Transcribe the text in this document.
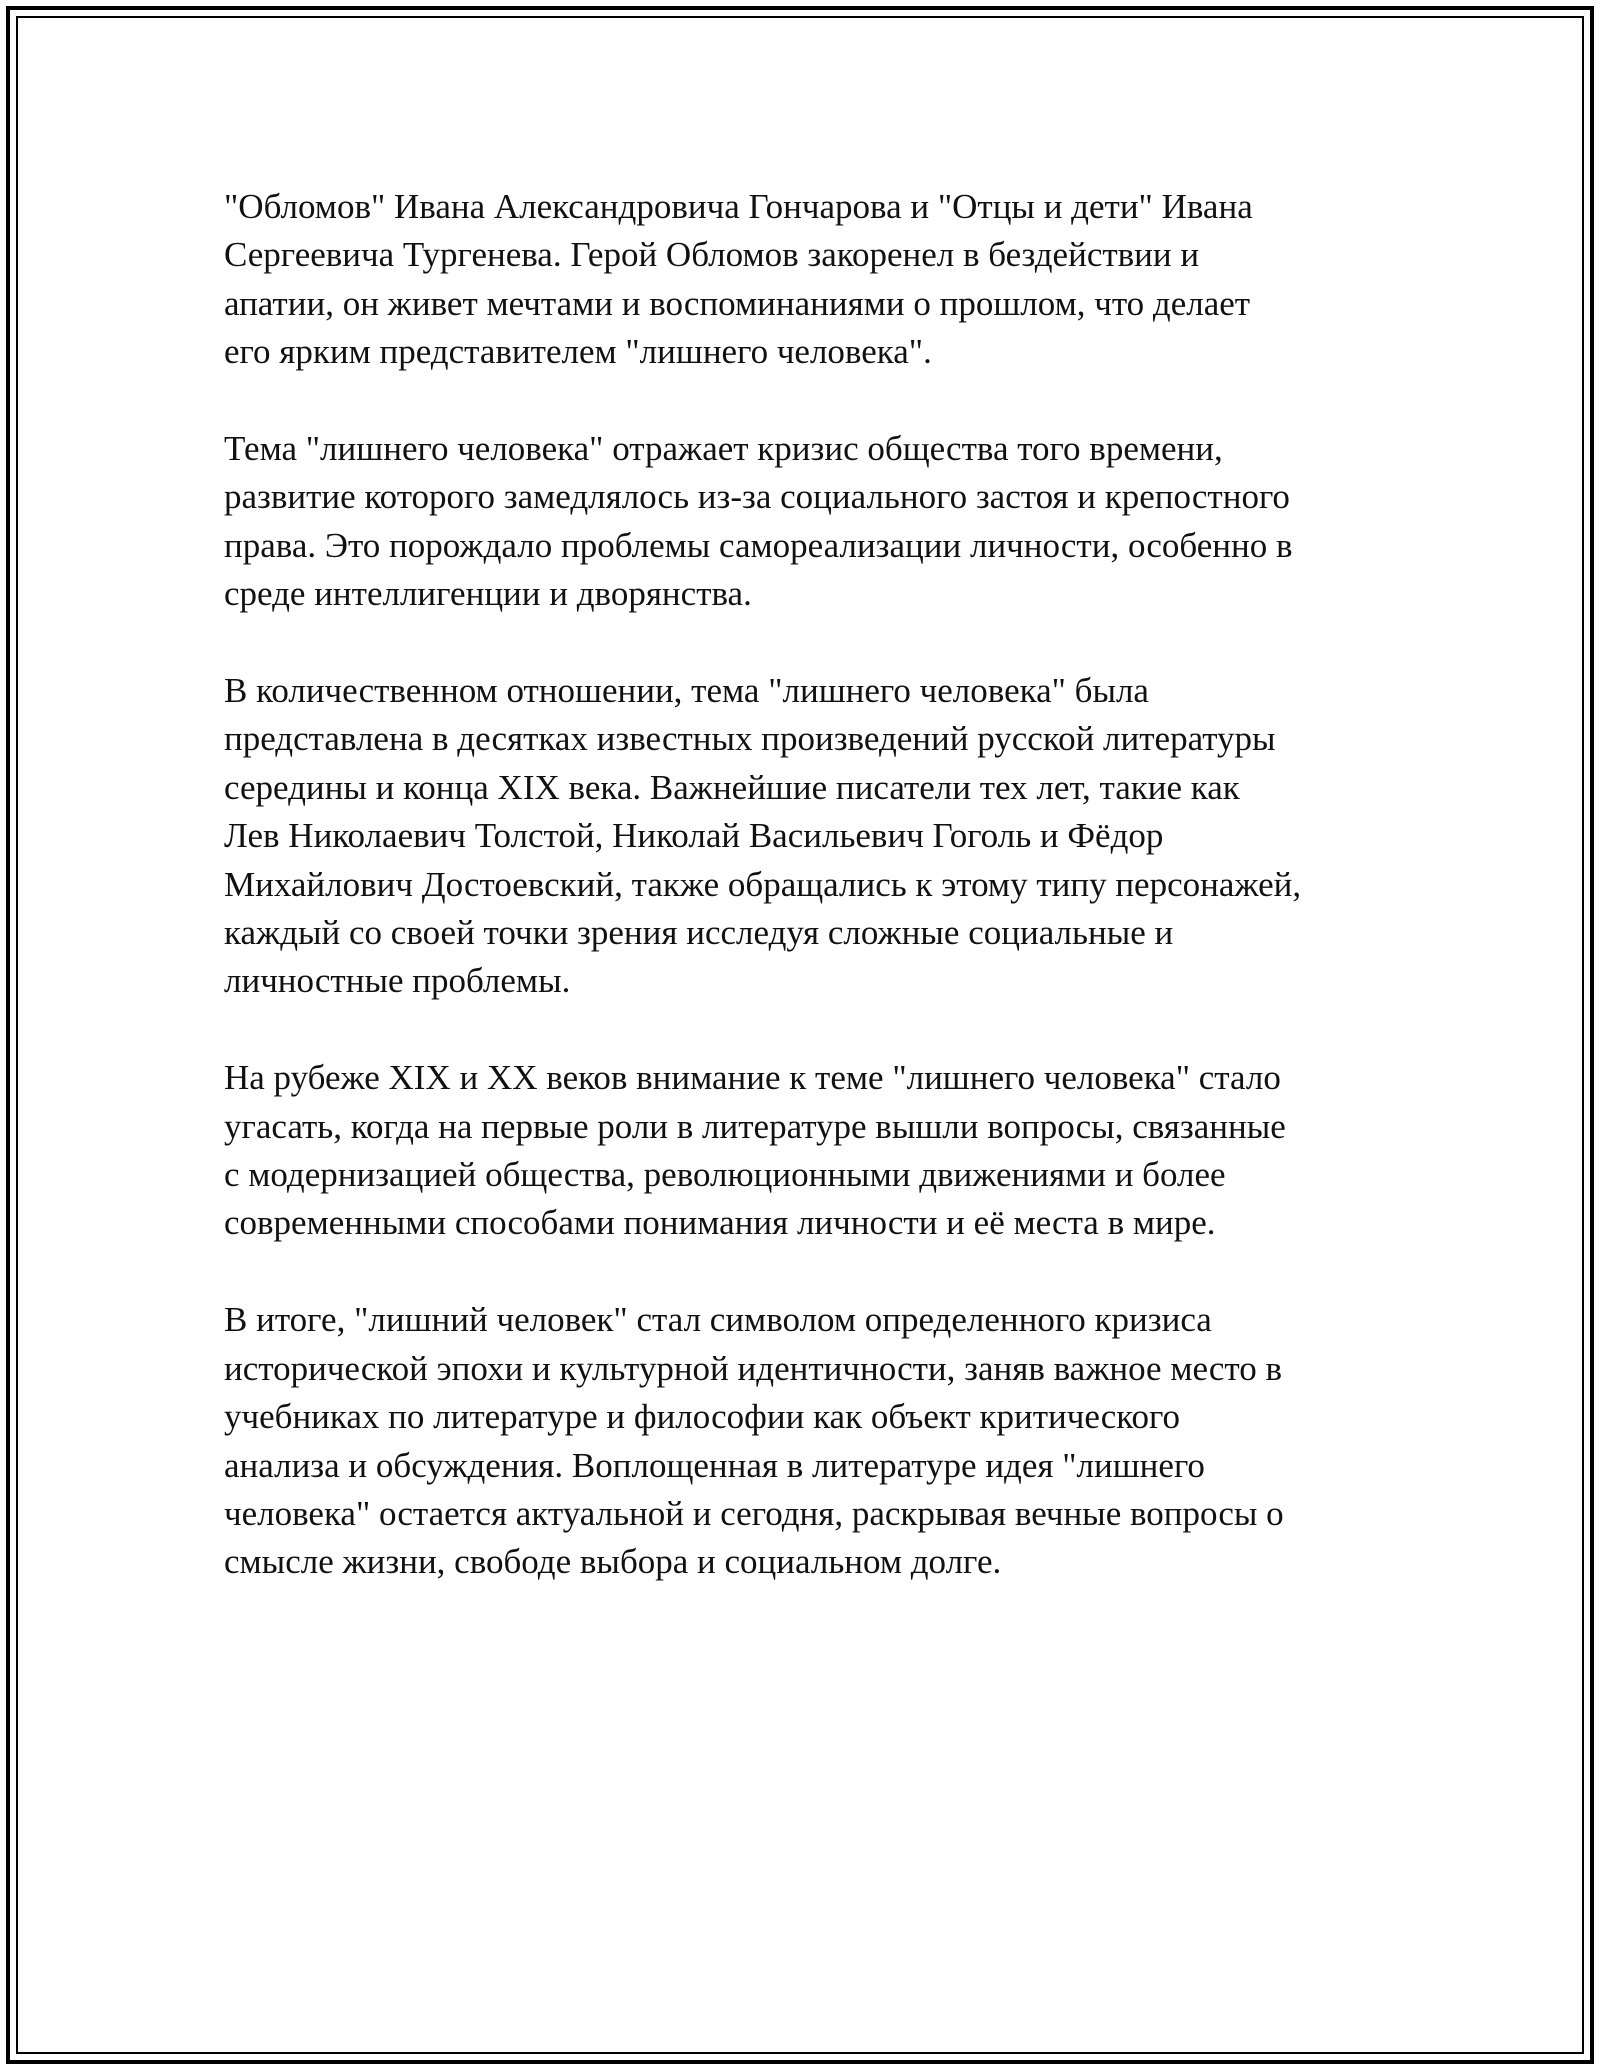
"Обломов" Ивана Александровича Гончарова и "Отцы и дети" Ивана
Сергеевича Тургенева. Герой Обломов закоренел в бездействии и
апатии, он живет мечтами и воспоминаниями о прошлом, что делает
его ярким представителем "лишнего человека".

Тема "лишнего человека" отражает кризис общества того времени,
развитие которого замедлялось из-за социального застоя и крепостного
права. Это порождало проблемы самореализации личности, особенно в
среде интеллигенции и дворянства.

В количественном отношении, тема "лишнего человека" была
представлена в десятках известных произведений русской литературы
середины и конца XIX века. Важнейшие писатели тех лет, такие как
Лев Николаевич Толстой, Николай Васильевич Гоголь и Фёдор
Михайлович Достоевский, также обращались к этому типу персонажей,
каждый со своей точки зрения исследуя сложные социальные и
личностные проблемы.

На рубеже XIX и XX веков внимание к теме "лишнего человека" стало
угасать, когда на первые роли в литературе вышли вопросы, связанные
с модернизацией общества, революционными движениями и более
современными способами понимания личности и её места в мире.

В итоге, "лишний человек" стал символом определенного кризиса
исторической эпохи и культурной идентичности, заняв важное место в
учебниках по литературе и философии как объект критического
анализа и обсуждения. Воплощенная в литературе идея "лишнего
человека" остается актуальной и сегодня, раскрывая вечные вопросы о
смысле жизни, свободе выбора и социальном долге.
